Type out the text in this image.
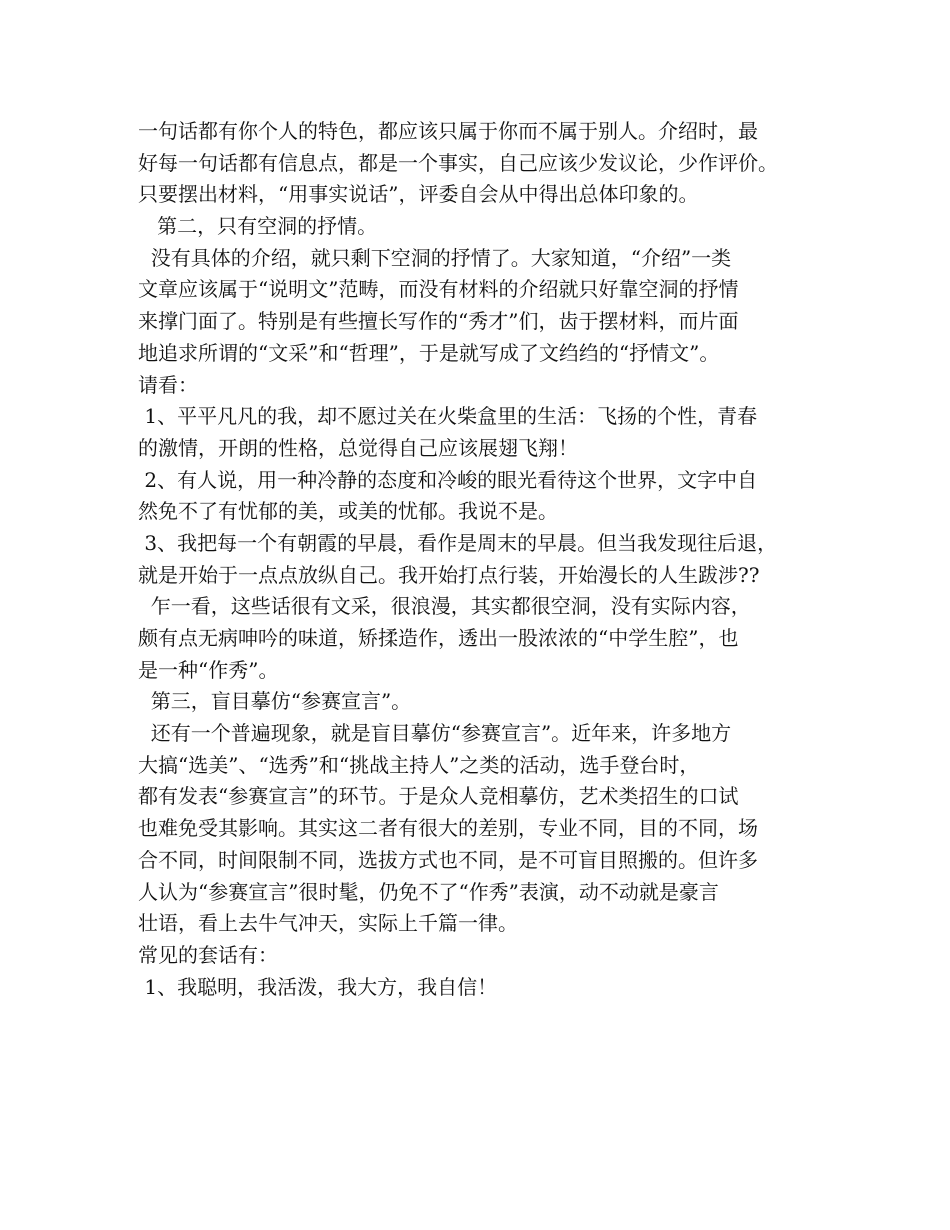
一句话都有你个人的特色，都应该只属于你而不属于别人。介绍时，最
好每一句话都有信息点，都是一个事实，自己应该少发议论，少作评价。
只要摆出材料，“用事实说话”，评委自会从中得出总体印象的。
第二，只有空洞的抒情。
没有具体的介绍，就只剩下空洞的抒情了。大家知道，“介绍”一类
文章应该属于“说明文”范畴，而没有材料的介绍就只好靠空洞的抒情
来撑门面了。特别是有些擅长写作的“秀才”们，齿于摆材料，而片面
地追求所谓的“文采”和“哲理”，于是就写成了文绉绉的“抒情文”。
请看：
1、平平凡凡的我，却不愿过关在火柴盒里的生活：飞扬的个性，青春
的激情，开朗的性格，总觉得自己应该展翅飞翔！
2、有人说，用一种冷静的态度和冷峻的眼光看待这个世界，文字中自
然免不了有忧郁的美，或美的忧郁。我说不是。
3、我把每一个有朝霞的早晨，看作是周末的早晨。但当我发现往后退，
就是开始于一点点放纵自己。我开始打点行装，开始漫长的人生跋涉??
乍一看，这些话很有文采，很浪漫，其实都很空洞，没有实际内容，
颇有点无病呻吟的味道，矫揉造作，透出一股浓浓的“中学生腔”，也
是一种“作秀”。
第三，盲目摹仿“参赛宣言”。
还有一个普遍现象，就是盲目摹仿“参赛宣言”。近年来，许多地方
大搞“选美”、“选秀”和“挑战主持人”之类的活动，选手登台时，
都有发表“参赛宣言”的环节。于是众人竞相摹仿，艺术类招生的口试
也难免受其影响。其实这二者有很大的差别，专业不同，目的不同，场
合不同，时间限制不同，选拔方式也不同，是不可盲目照搬的。但许多
人认为“参赛宣言”很时髦，仍免不了“作秀”表演，动不动就是豪言
壮语，看上去牛气冲天，实际上千篇一律。
常见的套话有：
1、我聪明，我活泼，我大方，我自信！
